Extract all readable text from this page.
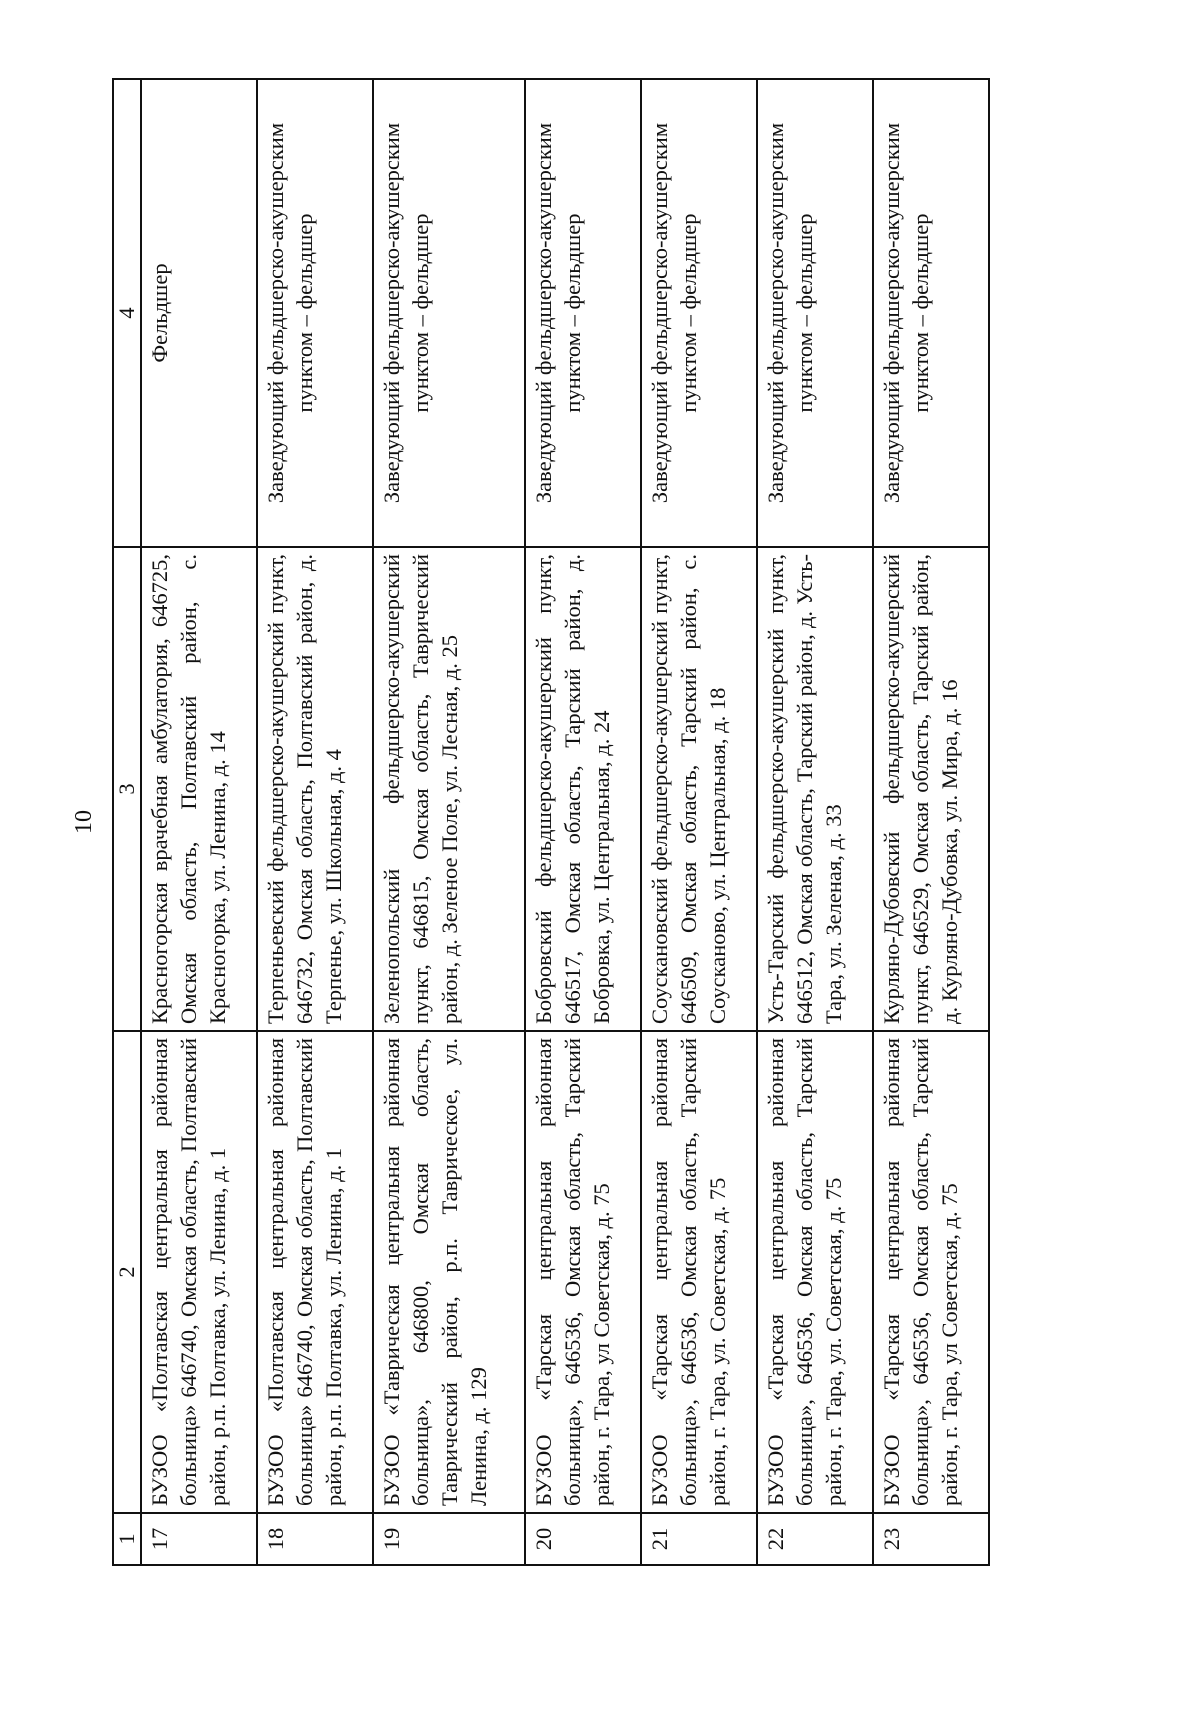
10
1	2	3	4
17	БУЗОО «Полтавская центральная районная больница» 646740, Омская область, Полтавский район, р.п. Полтавка, ул. Ленина, д. 1	Красногорская врачебная амбулатория, 646725, Омская область, Полтавский район, с. Красногорка, ул. Ленина, д. 14	Фельдшер
18	БУЗОО «Полтавская центральная районная больница» 646740, Омская область, Полтавский район, р.п. Полтавка, ул. Ленина, д. 1	Терпеньевский фельдшерско-акушерский пункт, 646732, Омская область, Полтавский район, д. Терпенье, ул. Школьная, д. 4	Заведующий фельдшерско-акушерским пунктом – фельдшер
19	БУЗОО «Таврическая центральная районная больница», 646800, Омская область, Таврический район, р.п. Таврическое, ул. Ленина, д. 129	Зеленопольский фельдшерско-акушерский пункт, 646815, Омская область, Таврический район, д. Зеленое Поле, ул. Лесная, д. 25	Заведующий фельдшерско-акушерским пунктом – фельдшер
20	БУЗОО «Тарская центральная районная больница», 646536, Омская область, Тарский район, г. Тара, ул Советская, д. 75	Бобровский фельдшерско-акушерский пункт, 646517, Омская область, Тарский район, д. Бобровка, ул. Центральная, д. 24	Заведующий фельдшерско-акушерским пунктом – фельдшер
21	БУЗОО «Тарская центральная районная больница», 646536, Омская область, Тарский район, г. Тара, ул. Советская, д. 75	Соускановский фельдшерско-акушерский пункт, 646509, Омская область, Тарский район, с. Соусканово, ул. Центральная, д. 18	Заведующий фельдшерско-акушерским пунктом – фельдшер
22	БУЗОО «Тарская центральная районная больница», 646536, Омская область, Тарский район, г. Тара, ул. Советская, д. 75	Усть-Тарский фельдшерско-акушерский пункт, 646512, Омская область, Тарский район, д. Усть-Тара, ул. Зеленая, д. 33	Заведующий фельдшерско-акушерским пунктом – фельдшер
23	БУЗОО «Тарская центральная районная больница», 646536, Омская область, Тарский район, г. Тара, ул Советская, д. 75	Курляно-Дубовский фельдшерско-акушерский пункт, 646529, Омская область, Тарский район, д. Курляно-Дубовка, ул. Мира, д. 16	Заведующий фельдшерско-акушерским пунктом – фельдшер
